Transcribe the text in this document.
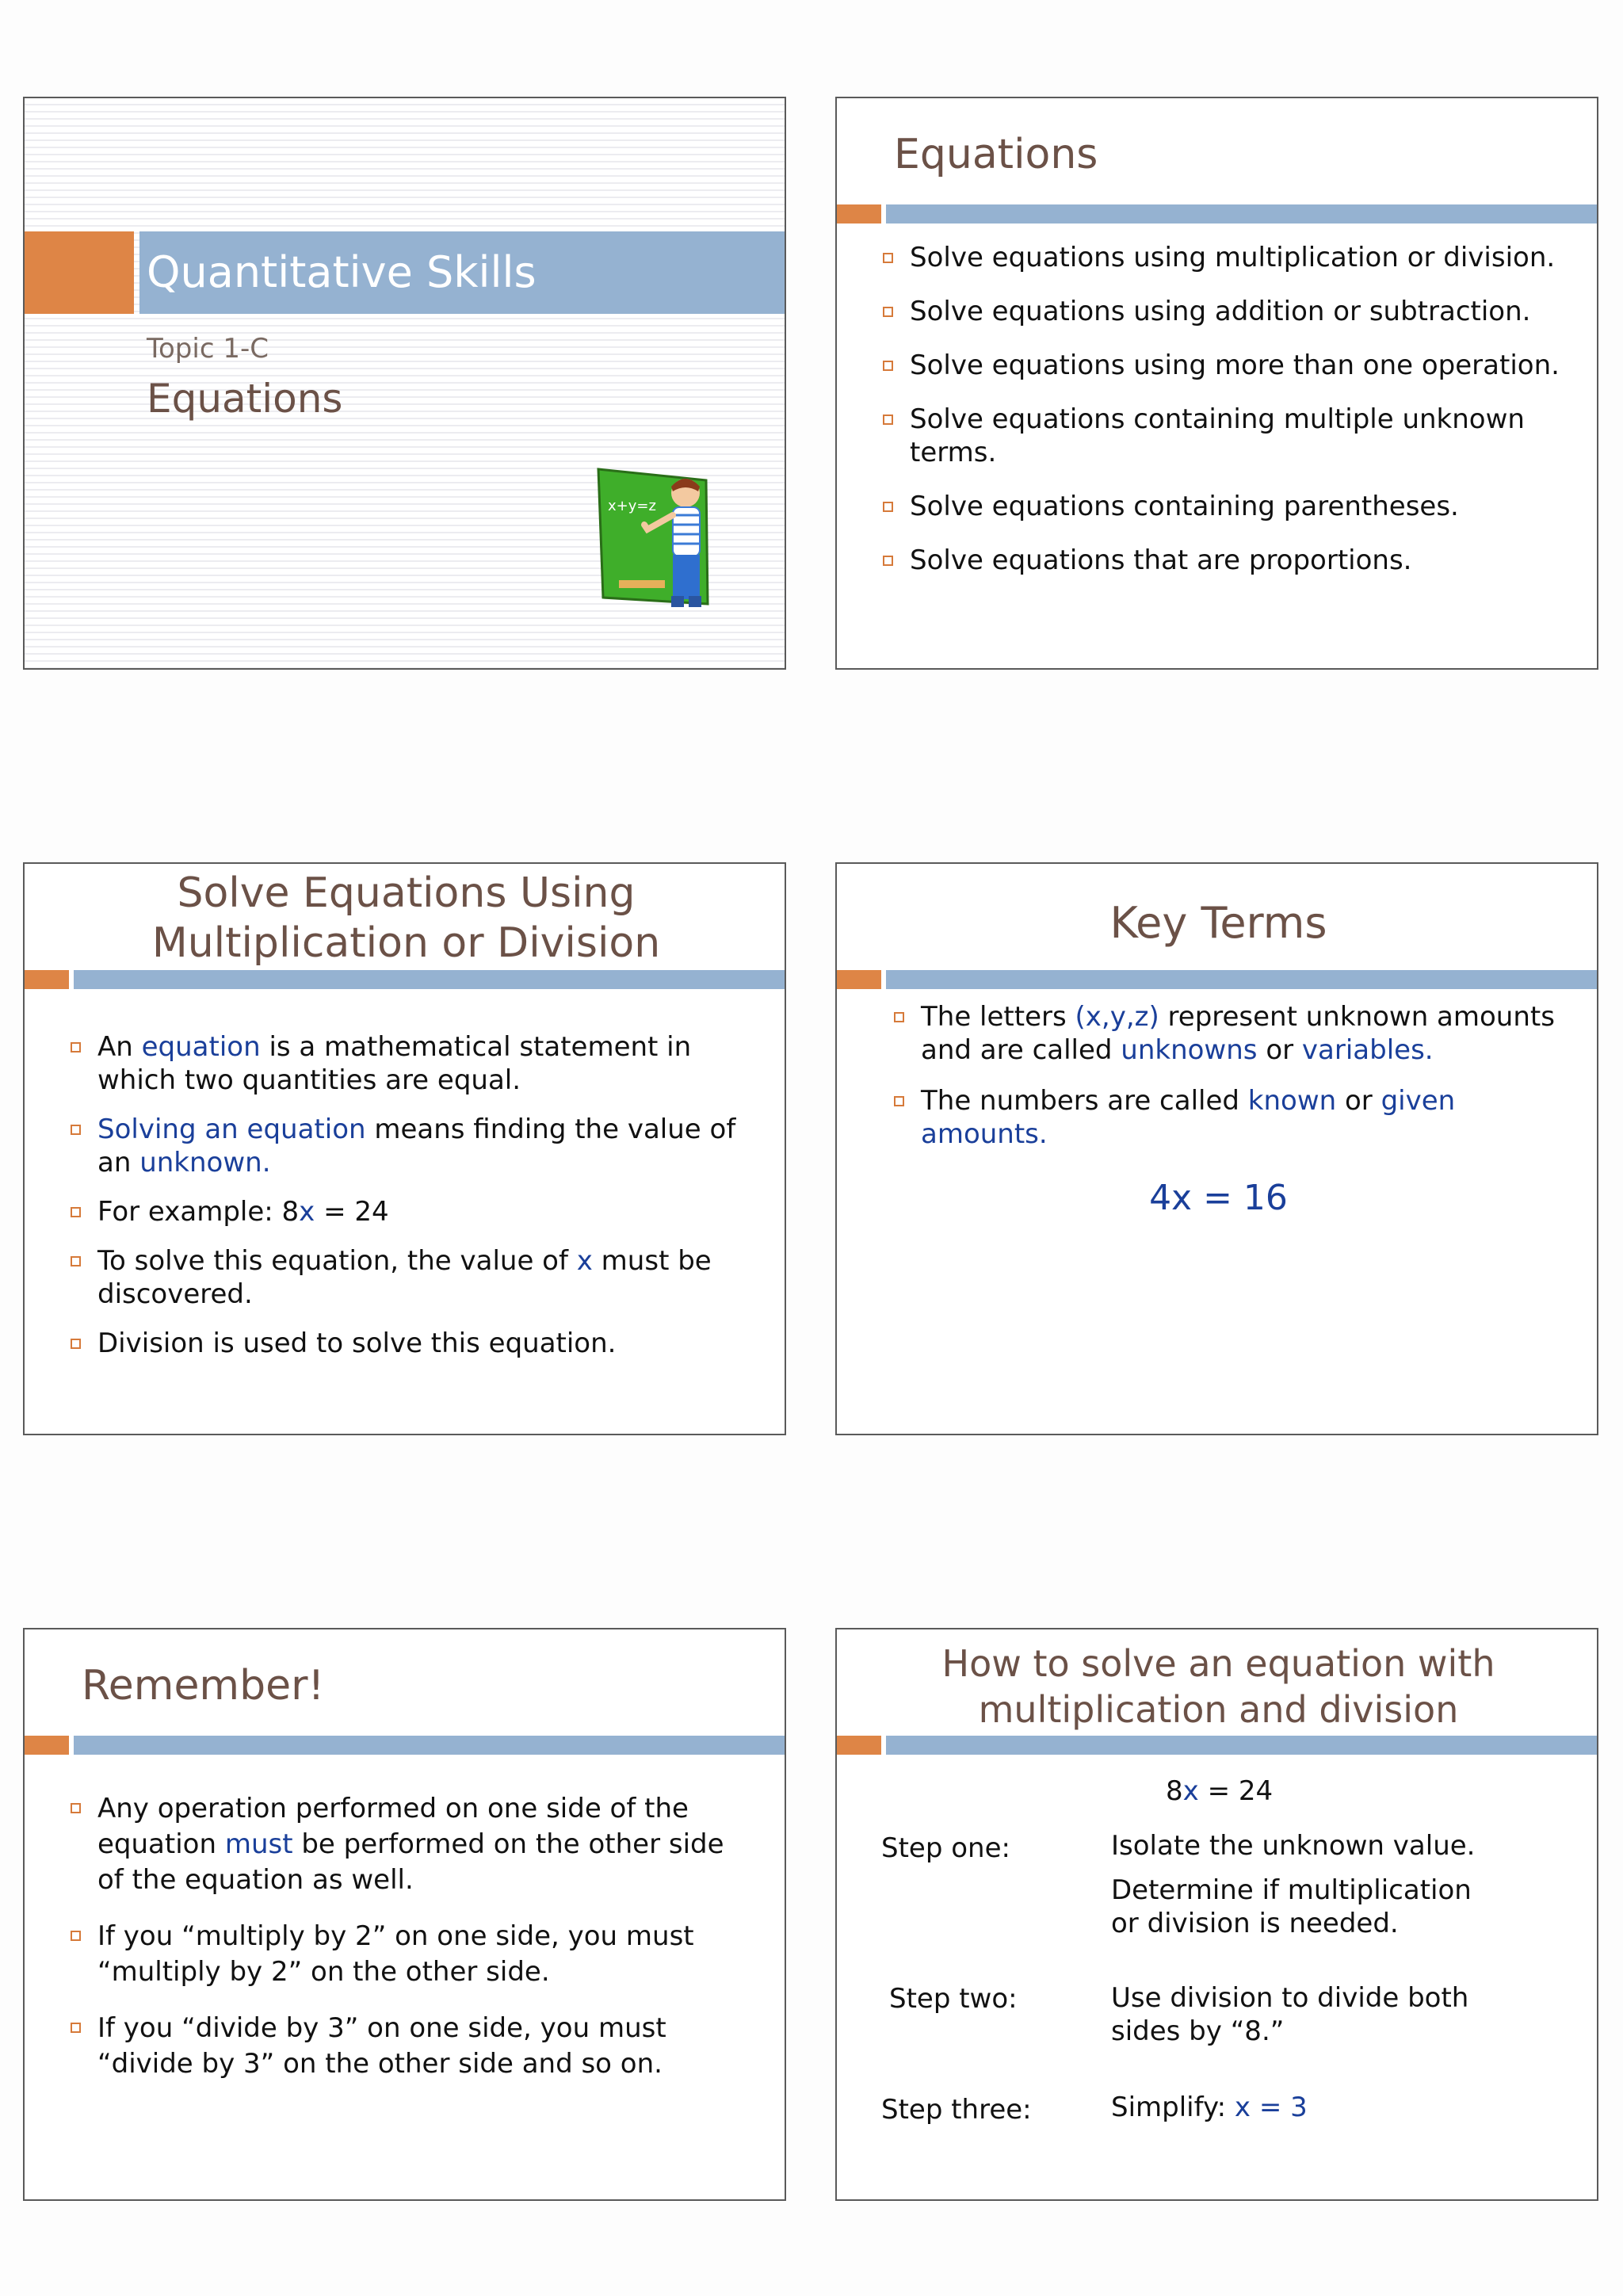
Quantitative Skills
Topic 1-C
Equations
x+y=z
Equations
Solve equations using multiplication or division.
Solve equations using addition or subtraction.
Solve equations using more than one operation.
Solve equations containing multiple unknown terms.
Solve equations containing parentheses.
Solve equations that are proportions.
Solve Equations Using
Multiplication or Division
An equation is a mathematical statement in which two quantities are equal.
Solving an equation means finding the value of an unknown.
For example: 8x = 24
To solve this equation, the value of x must be discovered.
Division is used to solve this equation.
Key Terms
The letters (x,y,z) represent unknown amounts and are called unknowns or variables.
The numbers are called known or given amounts.
4x = 16
Remember!
Any operation performed on one side of the equation must be performed on the other side of the equation as well.
If you “multiply by 2” on one side, you must “multiply by 2” on the other side.
If you “divide by 3” on one side, you must “divide by 3” on the other side and so on.
How to solve an equation with
multiplication and division
8x = 24
Step one:	Isolate the unknown value.
Determine if multiplication or division is needed.
Step two:	Use division to divide both sides by “8.”
Step three:	Simplify: x = 3
